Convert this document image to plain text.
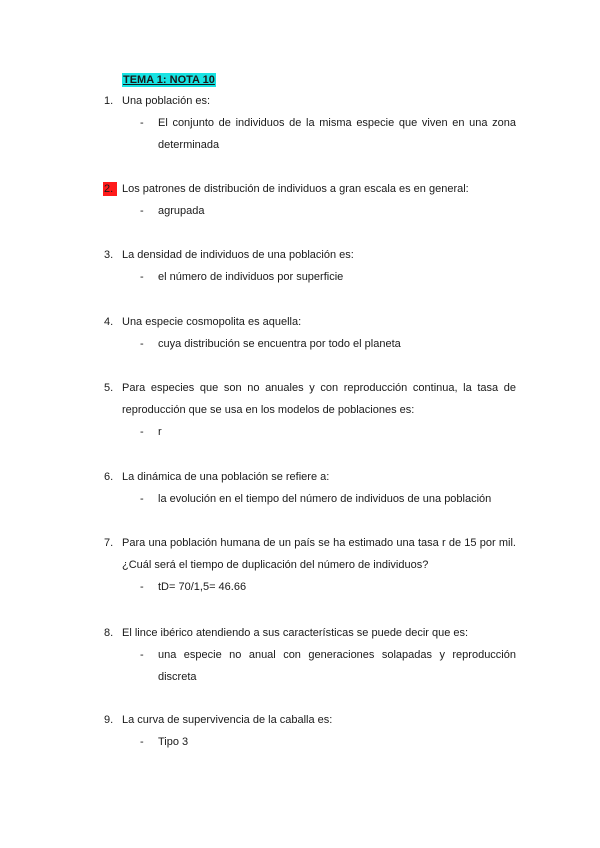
TEMA 1: NOTA 10
1. Una población es:
- El conjunto de individuos de la misma especie que viven en una zona determinada
2. Los patrones de distribución de individuos a gran escala es en general:
- agrupada
3. La densidad de individuos de una población es:
- el número de individuos por superficie
4. Una especie cosmopolita es aquella:
- cuya distribución se encuentra por todo el planeta
5. Para especies que son no anuales y con reproducción continua, la tasa de reproducción que se usa en los modelos de poblaciones es:
- r
6. La dinámica de una población se refiere a:
- la evolución en el tiempo del número de individuos de una población
7. Para una población humana de un país se ha estimado una tasa r de 15 por mil. ¿Cuál será el tiempo de duplicación del número de individuos?
- tD= 70/1,5= 46.66
8. El lince ibérico atendiendo a sus características se puede decir que es:
- una especie no anual con generaciones solapadas y reproducción discreta
9. La curva de supervivencia de la caballa es:
- Tipo 3
